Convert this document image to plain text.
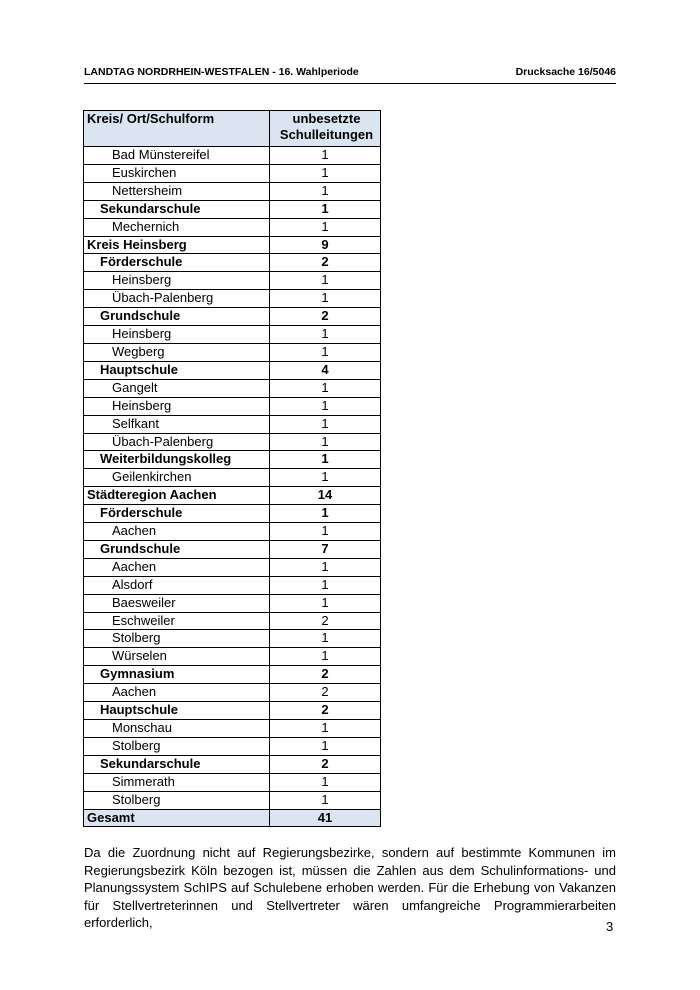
LANDTAG NORDRHEIN-WESTFALEN - 16. Wahlperiode	Drucksache 16/5046
Kreis/ Ort/Schulform	unbesetzte Schulleitungen
Bad Münstereifel	1
Euskirchen	1
Nettersheim	1
Sekundarschule	1
Mechernich	1
Kreis Heinsberg	9
Förderschule	2
Heinsberg	1
Übach-Palenberg	1
Grundschule	2
Heinsberg	1
Wegberg	1
Hauptschule	4
Gangelt	1
Heinsberg	1
Selfkant	1
Übach-Palenberg	1
Weiterbildungskolleg	1
Geilenkirchen	1
Städteregion Aachen	14
Förderschule	1
Aachen	1
Grundschule	7
Aachen	1
Alsdorf	1
Baesweiler	1
Eschweiler	2
Stolberg	1
Würselen	1
Gymnasium	2
Aachen	2
Hauptschule	2
Monschau	1
Stolberg	1
Sekundarschule	2
Simmerath	1
Stolberg	1
Gesamt	41

Da die Zuordnung nicht auf Regierungsbezirke, sondern auf bestimmte Kommunen im Regierungsbezirk Köln bezogen ist, müssen die Zahlen aus dem Schulinformations- und Planungssystem SchIPS auf Schulebene erhoben werden. Für die Erhebung von Vakanzen für Stellvertreterinnen und Stellvertreter wären umfangreiche Programmierarbeiten erforderlich,	3
